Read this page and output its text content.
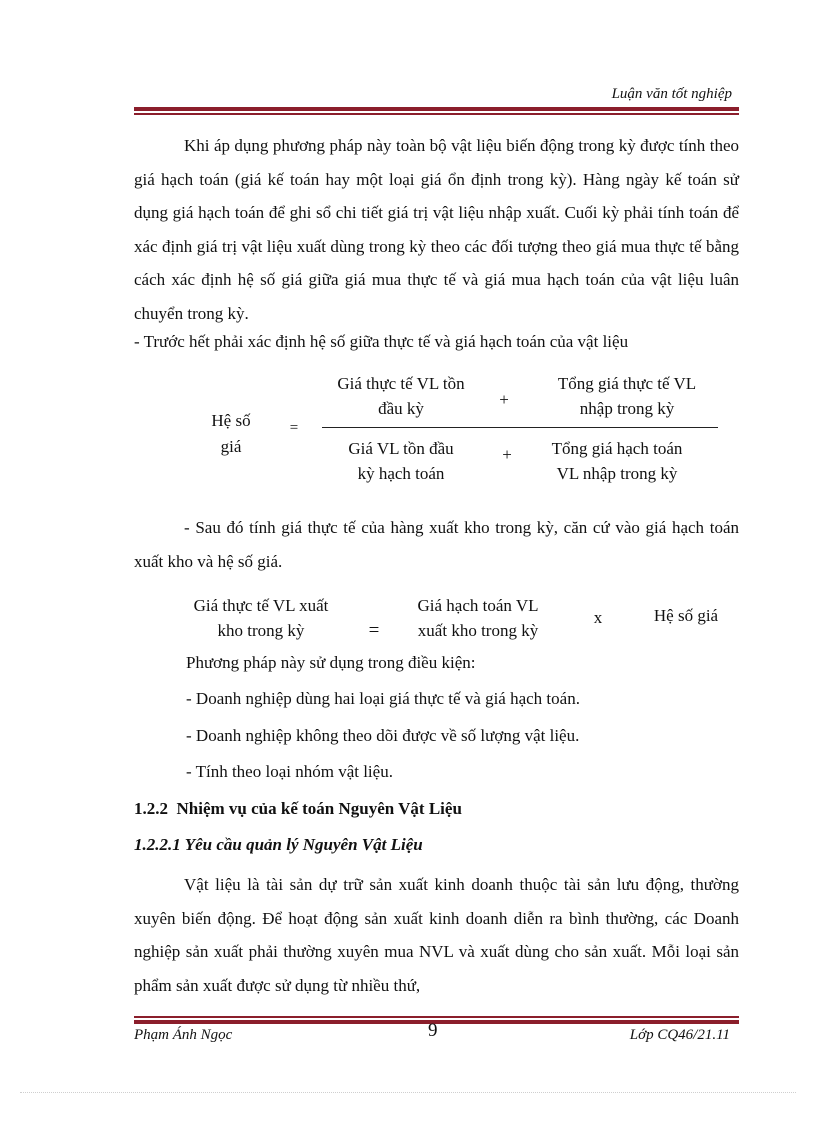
Luận văn tốt nghiệp
Khi áp dụng phương pháp này toàn bộ vật liệu biến động trong kỳ được tính theo giá hạch toán (giá kế toán hay một loại giá ổn định trong kỳ). Hàng ngày kế toán sử dụng giá hạch toán để ghi sổ chi tiết giá trị vật liệu nhập xuất. Cuối kỳ phải tính toán để xác định giá trị vật liệu xuất dùng trong kỳ theo các đối tượng theo giá mua thực tế bằng cách xác định hệ số giá giữa giá mua thực tế và giá mua hạch toán của vật liệu luân chuyển trong kỳ.
- Trước hết phải xác định hệ số giữa thực tế và giá hạch toán của vật liệu
Hệ số
giá
=
Giá thực tế VL tồn
đầu kỳ	+
Tổng giá thực tế VL
nhập trong kỳ
Giá VL tồn đầu
kỳ hạch toán
+	Tổng giá hạch toán
VL nhập trong kỳ
- Sau đó tính giá thực tế của hàng xuất kho trong kỳ, căn cứ vào giá hạch toán xuất kho và hệ số giá.
Giá thực tế VL xuất
kho trong kỳ	=
Giá hạch toán VL
xuất kho trong kỳ
x	Hệ số giá
Phương pháp này sử dụng trong điều kiện:
- Doanh nghiệp dùng hai loại giá thực tế và giá hạch toán.
- Doanh nghiệp không theo dõi được về số lượng vật liệu.
- Tính theo loại nhóm vật liệu.
1.2.2 Nhiệm vụ của kế toán Nguyên Vật Liệu
1.2.2.1 Yêu cầu quản lý Nguyên Vật Liệu
Vật liệu là tài sản dự trữ sản xuất kinh doanh thuộc tài sản lưu động, thường xuyên biến động. Để hoạt động sản xuất kinh doanh diễn ra bình thường, các Doanh nghiệp sản xuất phải thường xuyên mua NVL và xuất dùng cho sản xuất. Mỗi loại sản phẩm sản xuất được sử dụng từ nhiều thứ,
Phạm Ánh Ngọc	9	Lớp CQ46/21.11
